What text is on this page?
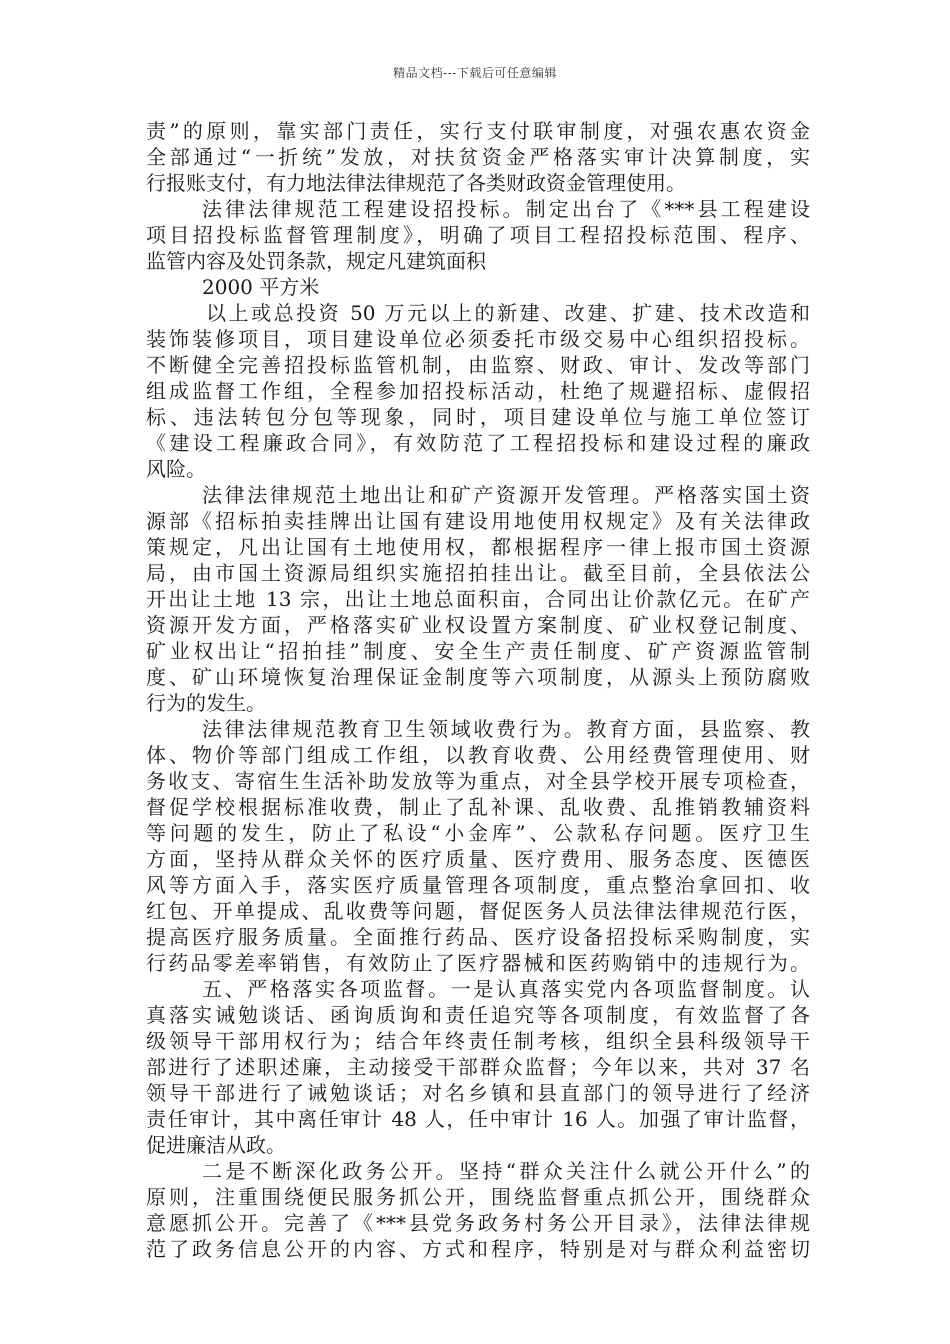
精品文档---下载后可任意编辑
责”的原则，靠实部门责任，实行支付联审制度，对强农惠农资金
全部通过“一折统”发放，对扶贫资金严格落实审计决算制度，实
行报账支付，有力地法律法律规范了各类财政资金管理使用。
法律法律规范工程建设招投标。制定出台了《***县工程建设
项目招投标监督管理制度》，明确了项目工程招投标范围、程序、
监管内容及处罚条款，规定凡建筑面积
2000 平方米
以上或总投资 50 万元以上的新建、改建、扩建、技术改造和
装饰装修项目，项目建设单位必须委托市级交易中心组织招投标。
不断健全完善招投标监管机制，由监察、财政、审计、发改等部门
组成监督工作组，全程参加招投标活动，杜绝了规避招标、虚假招
标、违法转包分包等现象，同时，项目建设单位与施工单位签订
《建设工程廉政合同》，有效防范了工程招投标和建设过程的廉政
风险。
法律法律规范土地出让和矿产资源开发管理。严格落实国土资
源部《招标拍卖挂牌出让国有建设用地使用权规定》及有关法律政
策规定，凡出让国有土地使用权，都根据程序一律上报市国土资源
局，由市国土资源局组织实施招拍挂出让。截至目前，全县依法公
开出让土地 13 宗，出让土地总面积亩，合同出让价款亿元。在矿产
资源开发方面，严格落实矿业权设置方案制度、矿业权登记制度、
矿业权出让“招拍挂”制度、安全生产责任制度、矿产资源监管制
度、矿山环境恢复治理保证金制度等六项制度，从源头上预防腐败
行为的发生。
法律法律规范教育卫生领域收费行为。教育方面，县监察、教
体、物价等部门组成工作组，以教育收费、公用经费管理使用、财
务收支、寄宿生生活补助发放等为重点，对全县学校开展专项检查，
督促学校根据标准收费，制止了乱补课、乱收费、乱推销教辅资料
等问题的发生，防止了私设“小金库”、公款私存问题。医疗卫生
方面，坚持从群众关怀的医疗质量、医疗费用、服务态度、医德医
风等方面入手，落实医疗质量管理各项制度，重点整治拿回扣、收
红包、开单提成、乱收费等问题，督促医务人员法律法律规范行医，
提高医疗服务质量。全面推行药品、医疗设备招投标采购制度，实
行药品零差率销售，有效防止了医疗器械和医药购销中的违规行为。
五、严格落实各项监督。一是认真落实党内各项监督制度。认
真落实诫勉谈话、函询质询和责任追究等各项制度，有效监督了各
级领导干部用权行为；结合年终责任制考核，组织全县科级领导干
部进行了述职述廉，主动接受干部群众监督；今年以来，共对 37 名
领导干部进行了诫勉谈话；对名乡镇和县直部门的领导进行了经济
责任审计，其中离任审计 48 人，任中审计 16 人。加强了审计监督，
促进廉洁从政。
二是不断深化政务公开。坚持“群众关注什么就公开什么”的
原则，注重围绕便民服务抓公开，围绕监督重点抓公开，围绕群众
意愿抓公开。完善了《***县党务政务村务公开目录》，法律法律规
范了政务信息公开的内容、方式和程序，特别是对与群众利益密切
